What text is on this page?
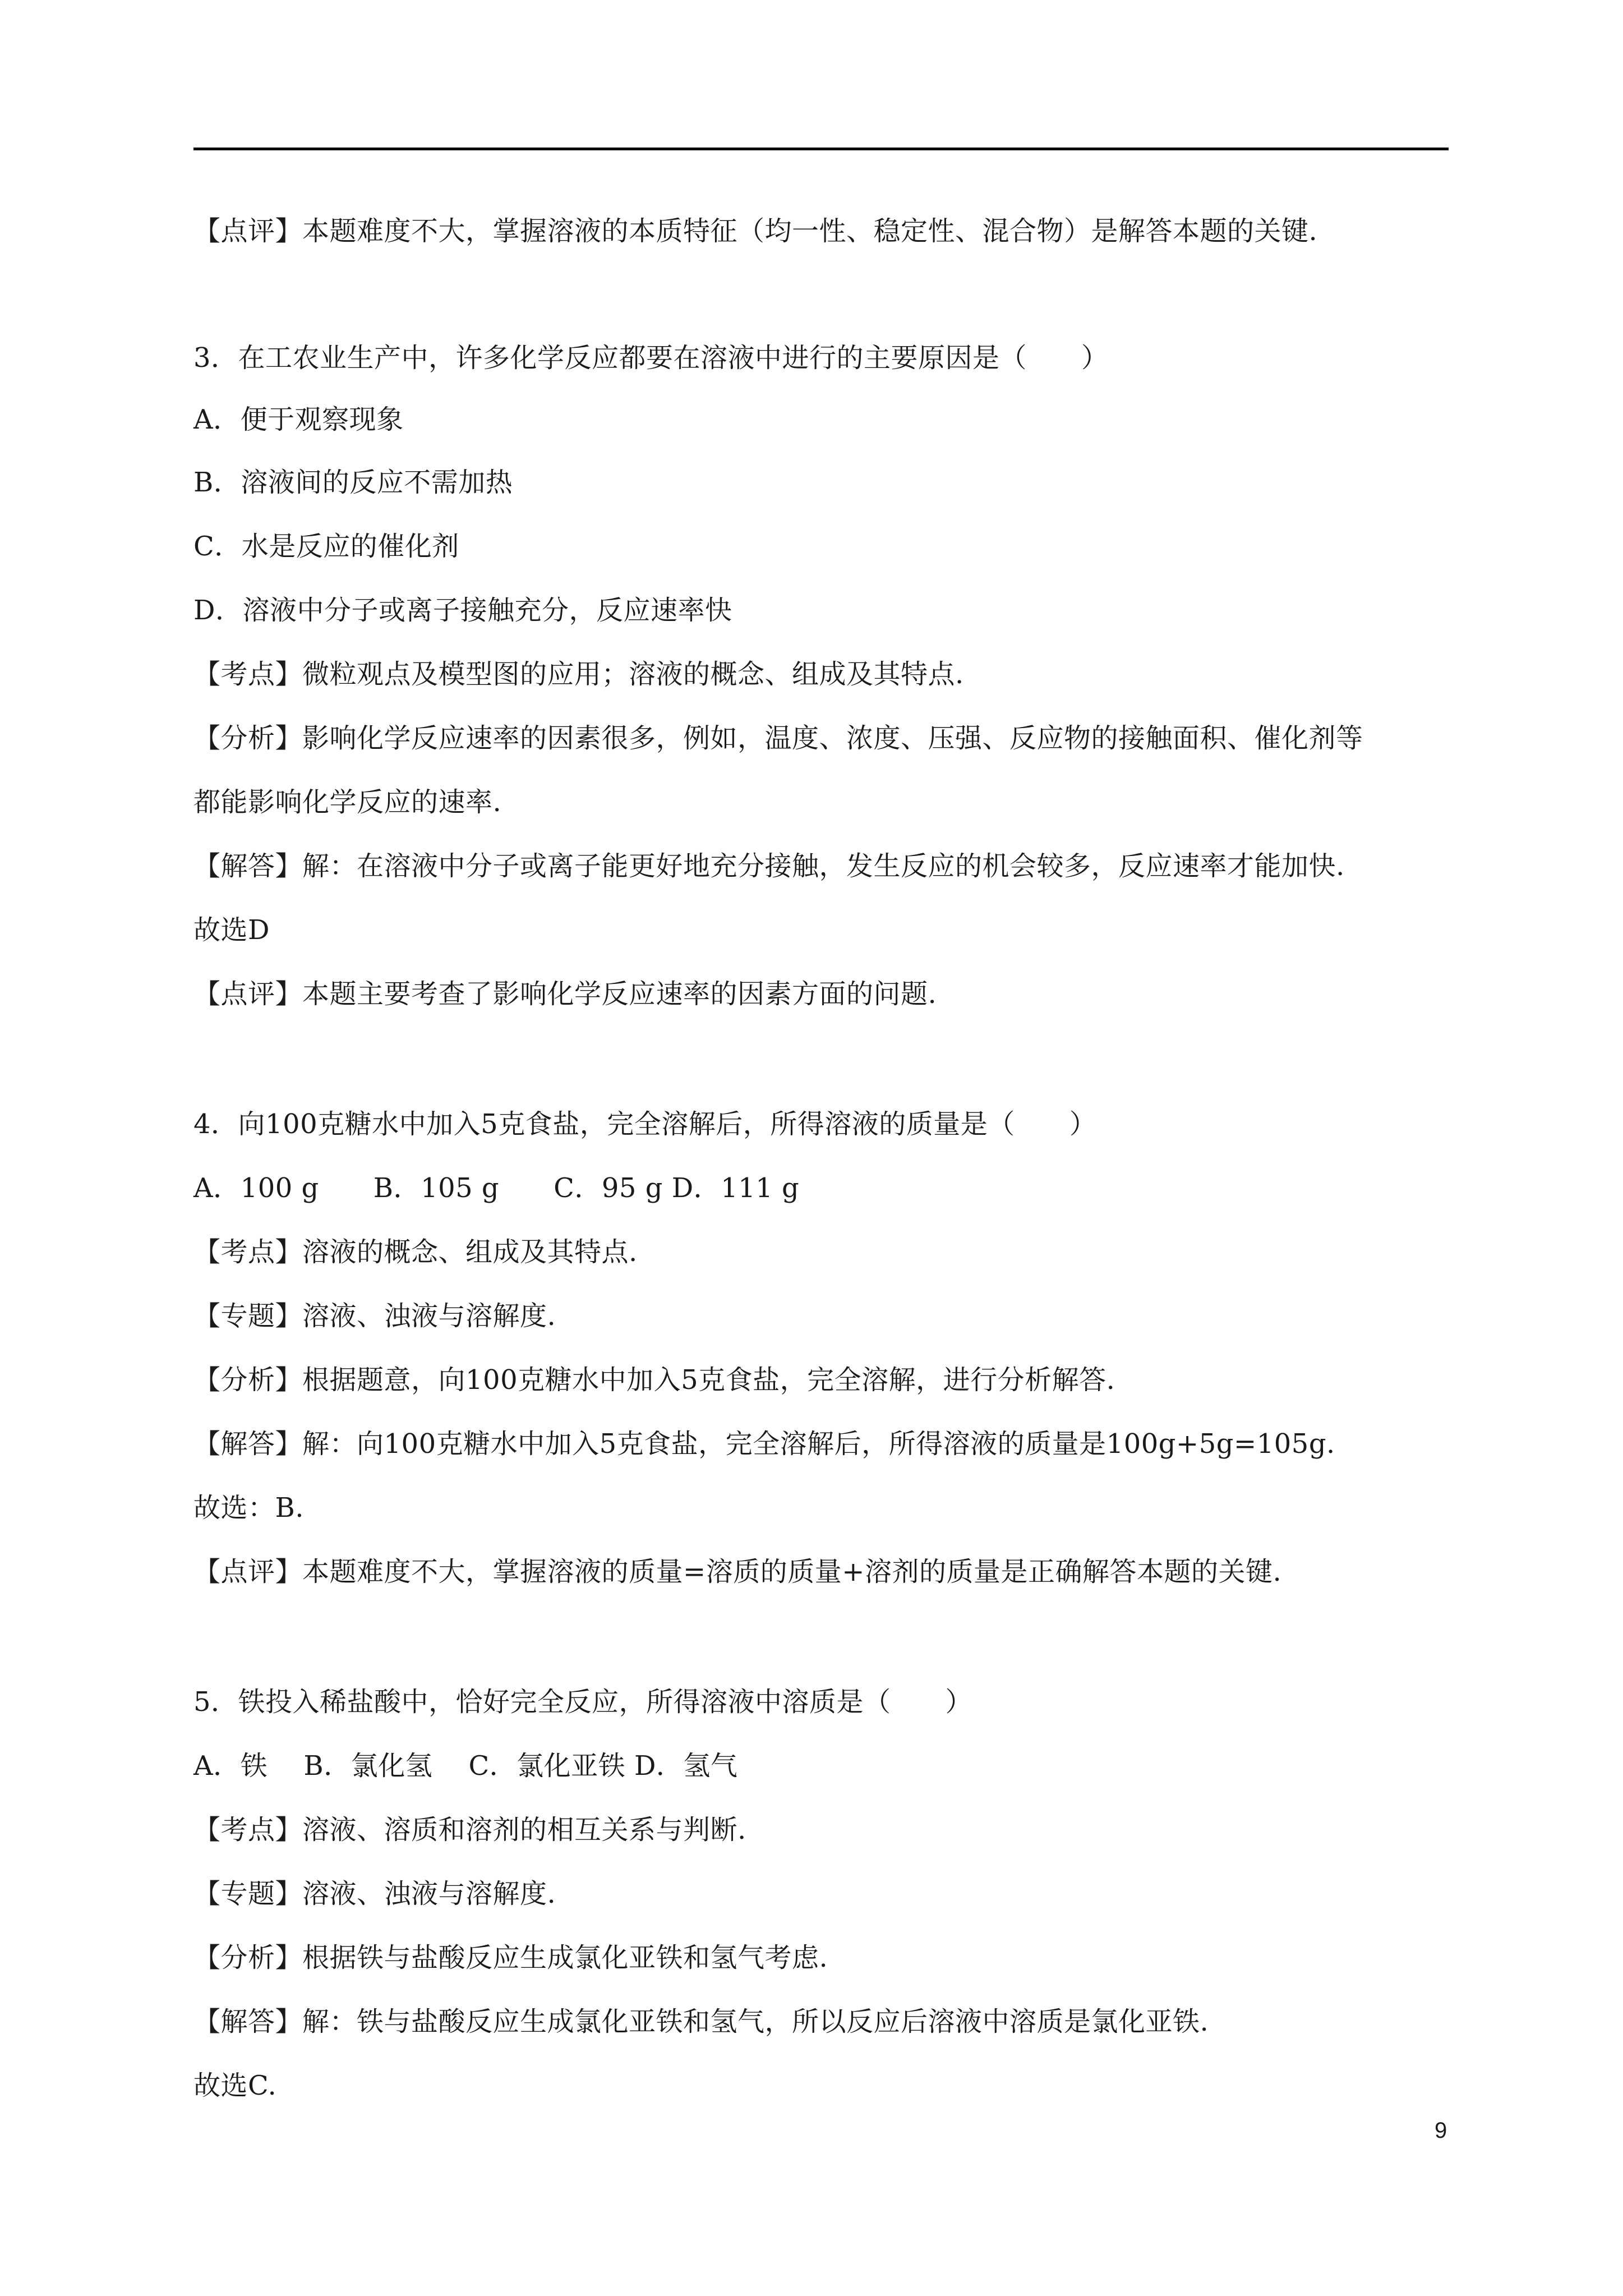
【点评】本题难度不大，掌握溶液的本质特征（均一性、稳定性、混合物）是解答本题的关键.
3．在工农业生产中，许多化学反应都要在溶液中进行的主要原因是（　　）
A．便于观察现象
B．溶液间的反应不需加热
C．水是反应的催化剂
D．溶液中分子或离子接触充分，反应速率快
【考点】微粒观点及模型图的应用；溶液的概念、组成及其特点.
【分析】影响化学反应速率的因素很多，例如，温度、浓度、压强、反应物的接触面积、催化剂等
都能影响化学反应的速率.
【解答】解：在溶液中分子或离子能更好地充分接触，发生反应的机会较多，反应速率才能加快.
故选D
【点评】本题主要考查了影响化学反应速率的因素方面的问题.
4．向100克糖水中加入5克食盐，完全溶解后，所得溶液的质量是（　　）
A．100 g　　B．105 g　　C．95 g D．111 g
【考点】溶液的概念、组成及其特点.
【专题】溶液、浊液与溶解度.
【分析】根据题意，向100克糖水中加入5克食盐，完全溶解，进行分析解答.
【解答】解：向100克糖水中加入5克食盐，完全溶解后，所得溶液的质量是100g+5g=105g.
故选：B.
【点评】本题难度不大，掌握溶液的质量=溶质的质量+溶剂的质量是正确解答本题的关键.
5．铁投入稀盐酸中，恰好完全反应，所得溶液中溶质是（　　）
A．铁　 B．氯化氢　 C．氯化亚铁 D．氢气
【考点】溶液、溶质和溶剂的相互关系与判断.
【专题】溶液、浊液与溶解度.
【分析】根据铁与盐酸反应生成氯化亚铁和氢气考虑.
【解答】解：铁与盐酸反应生成氯化亚铁和氢气，所以反应后溶液中溶质是氯化亚铁.
故选C.
9
